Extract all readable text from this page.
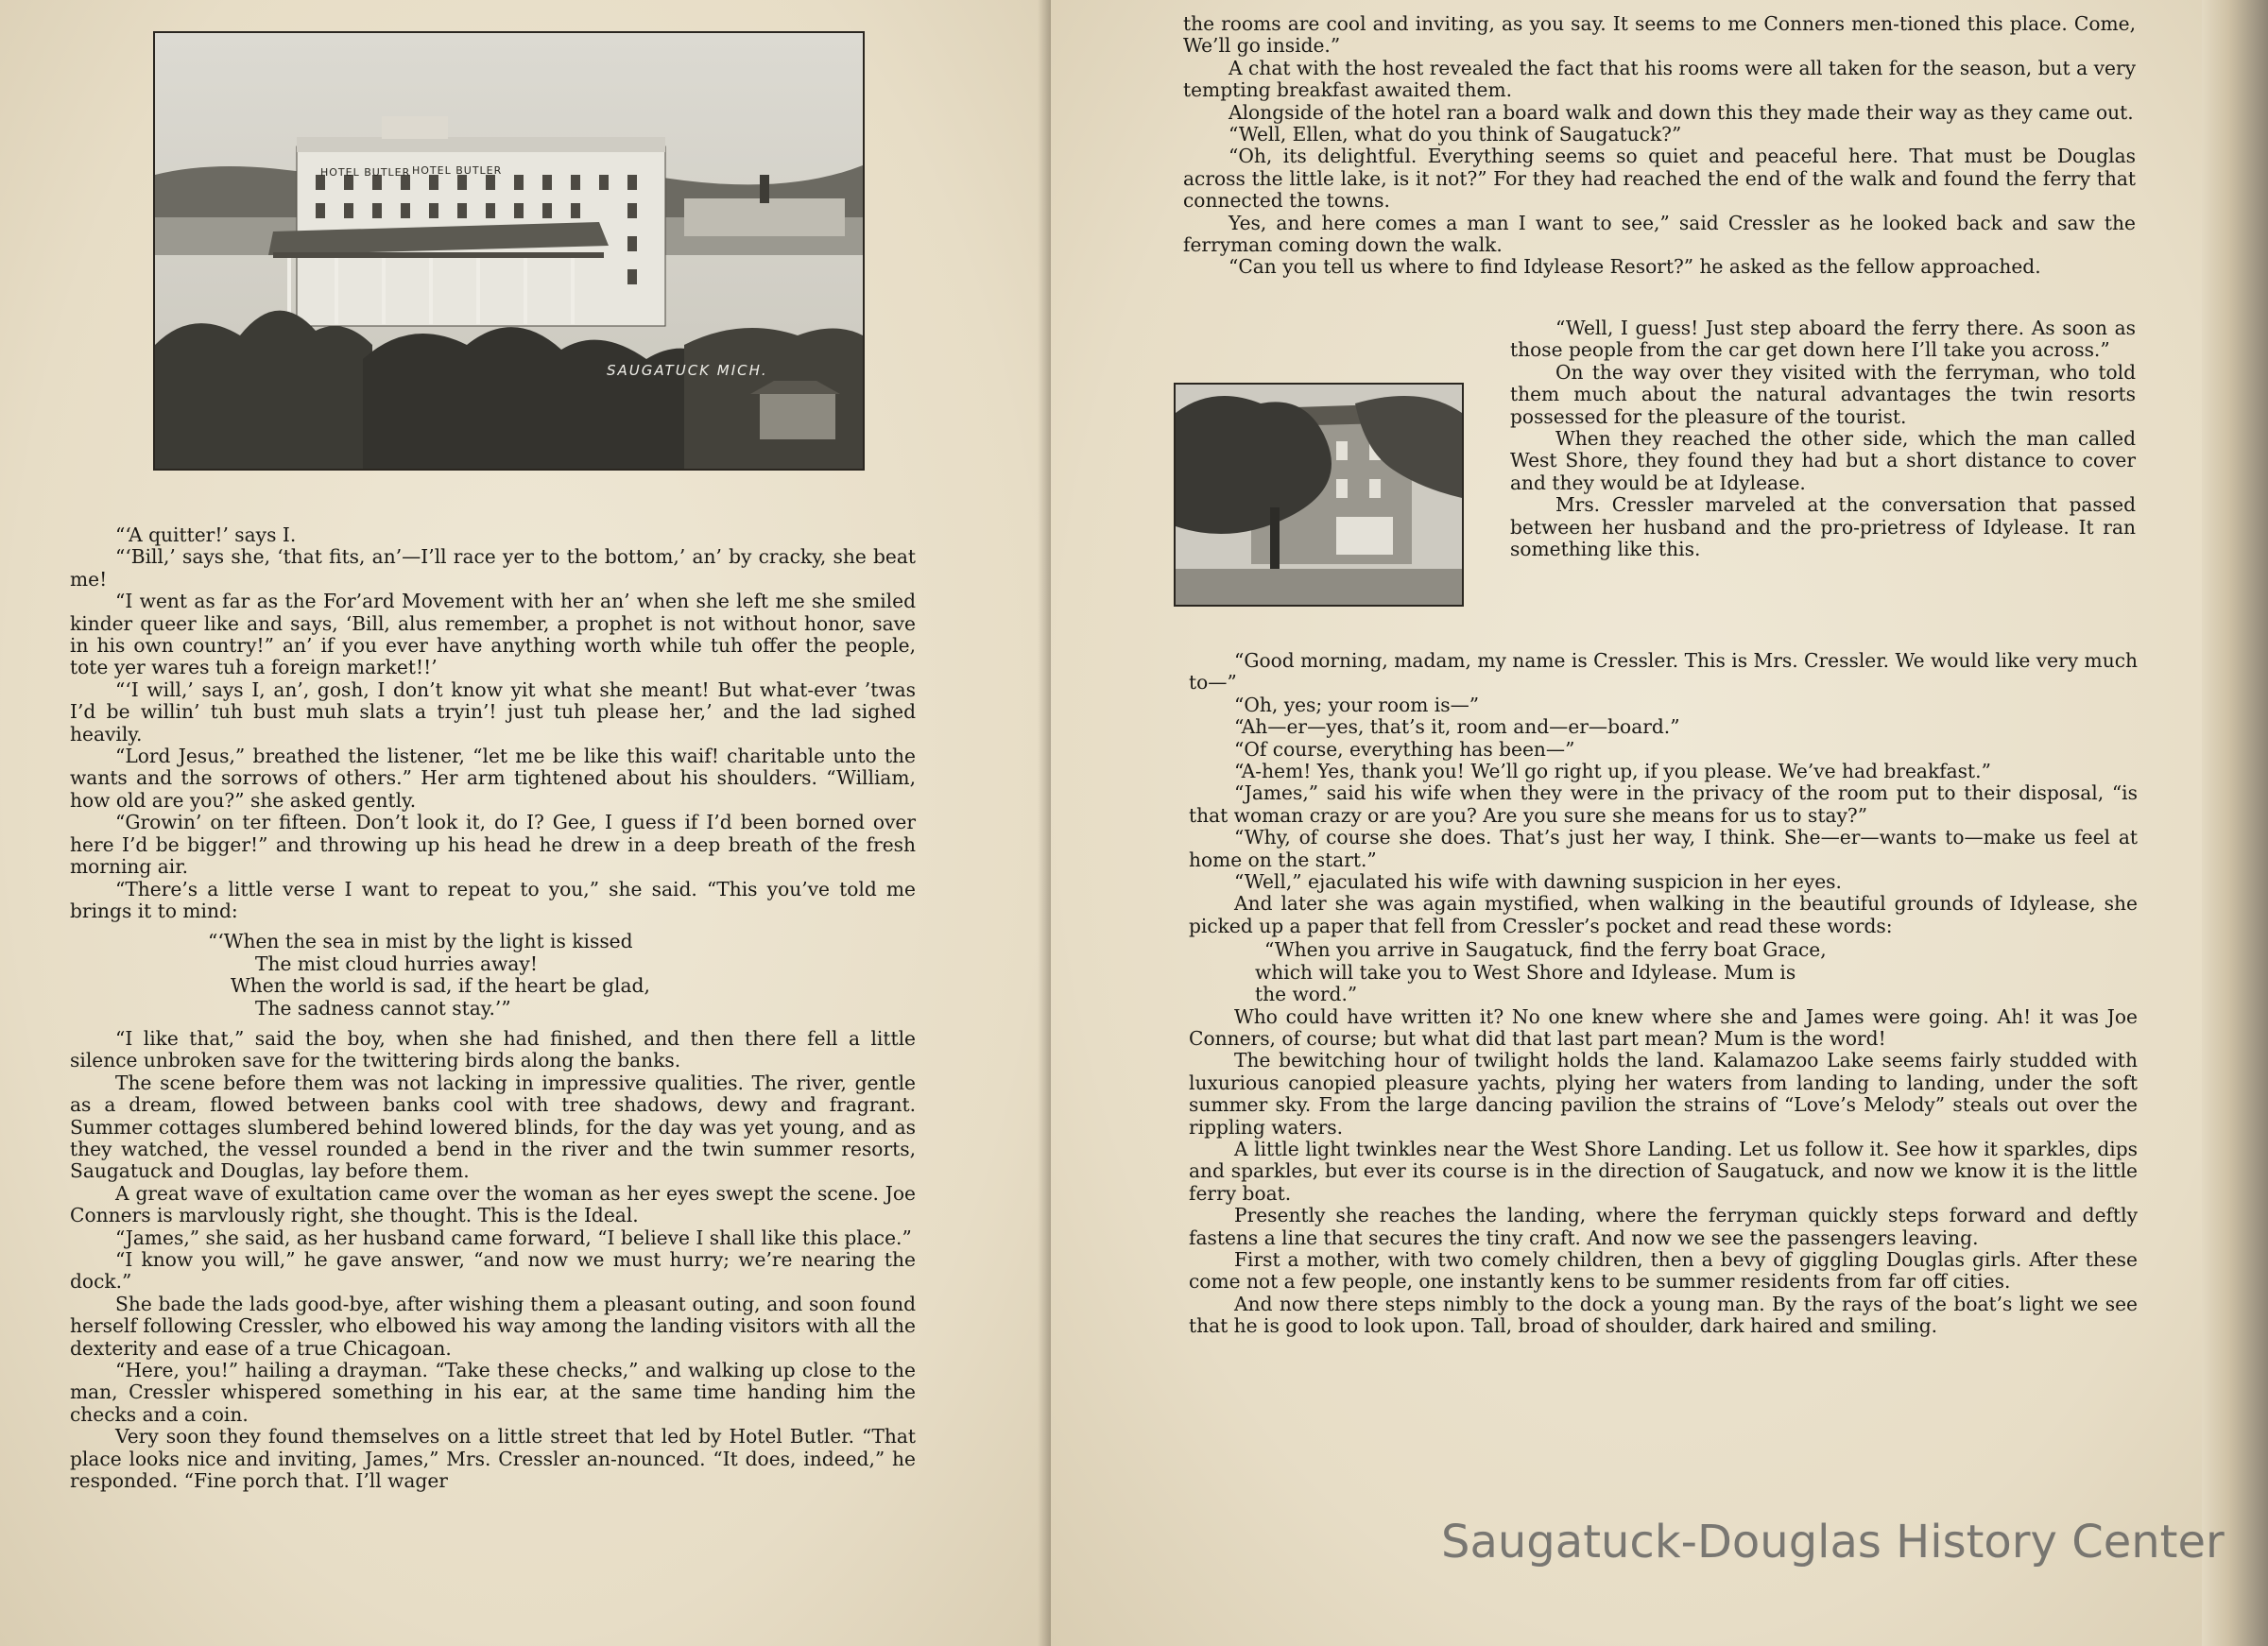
HOTEL BUTLER HOTEL BUTLER
SAUGATUCK MICH.

“‘A quitter!’ says I.

“‘Bill,’ says she, ‘that fits, an’—I’ll race yer to the bottom,’ an’ by cracky, she beat me!

“I went as far as the For’ard Movement with her an’ when she left me she smiled kinder queer like and says, ‘Bill, alus remember, a prophet is not without honor, save in his own country!” an’ if you ever have anything worth while tuh offer the people, tote yer wares tuh a foreign market!!’

“‘I will,’ says I, an’, gosh, I don’t know yit what she meant! But what-ever ’twas I’d be willin’ tuh bust muh slats a tryin’! just tuh please her,’ and the lad sighed heavily.

“Lord Jesus,” breathed the listener, “let me be like this waif! charitable unto the wants and the sorrows of others.” Her arm tightened about his shoulders. “William, how old are you?” she asked gently.

“Growin’ on ter fifteen. Don’t look it, do I? Gee, I guess if I’d been borned over here I’d be bigger!” and throwing up his head he drew in a deep breath of the fresh morning air.

“There’s a little verse I want to repeat to you,” she said. “This you’ve told me brings it to mind:

“‘When the sea in mist by the light is kissed
The mist cloud hurries away!
When the world is sad, if the heart be glad,
The sadness cannot stay.’”

“I like that,” said the boy, when she had finished, and then there fell a little silence unbroken save for the twittering birds along the banks.

The scene before them was not lacking in impressive qualities. The river, gentle as a dream, flowed between banks cool with tree shadows, dewy and fragrant. Summer cottages slumbered behind lowered blinds, for the day was yet young, and as they watched, the vessel rounded a bend in the river and the twin summer resorts, Saugatuck and Douglas, lay before them.

A great wave of exultation came over the woman as her eyes swept the scene. Joe Conners is marvlously right, she thought. This is the Ideal.

“James,” she said, as her husband came forward, “I believe I shall like this place.”

“I know you will,” he gave answer, “and now we must hurry; we’re nearing the dock.”

She bade the lads good-bye, after wishing them a pleasant outing, and soon found herself following Cressler, who elbowed his way among the landing visitors with all the dexterity and ease of a true Chicagoan.

“Here, you!” hailing a drayman. “Take these checks,” and walking up close to the man, Cressler whispered something in his ear, at the same time handing him the checks and a coin.

Very soon they found themselves on a little street that led by Hotel Butler. “That place looks nice and inviting, James,” Mrs. Cressler an-nounced. “It does, indeed,” he responded. “Fine porch that. I’ll wager

the rooms are cool and inviting, as you say. It seems to me Conners men-tioned this place. Come, We’ll go inside.”

A chat with the host revealed the fact that his rooms were all taken for the season, but a very tempting breakfast awaited them.

Alongside of the hotel ran a board walk and down this they made their way as they came out.

“Well, Ellen, what do you think of Saugatuck?”

“Oh, its delightful. Everything seems so quiet and peaceful here. That must be Douglas across the little lake, is it not?” For they had reached the end of the walk and found the ferry that connected the towns.

Yes, and here comes a man I want to see,” said Cressler as he looked back and saw the ferryman coming down the walk.

“Can you tell us where to find Idylease Resort?” he asked as the fellow approached.

“Well, I guess! Just step aboard the ferry there. As soon as those people from the car get down here I’ll take you across.”

On the way over they visited with the ferryman, who told them much about the natural advantages the twin resorts possessed for the pleasure of the tourist.

When they reached the other side, which the man called West Shore, they found they had but a short distance to cover and they would be at Idylease.

Mrs. Cressler marveled at the conversation that passed between her husband and the pro-prietress of Idylease. It ran something like this.

“Good morning, madam, my name is Cressler. This is Mrs. Cressler. We would like very much to—”

“Oh, yes; your room is—”

“Ah—er—yes, that’s it, room and—er—board.”

“Of course, everything has been—”

“A-hem! Yes, thank you! We’ll go right up, if you please. We’ve had breakfast.”

“James,” said his wife when they were in the privacy of the room put to their disposal, “is that woman crazy or are you? Are you sure she means for us to stay?”

“Why, of course she does. That’s just her way, I think. She—er—wants to—make us feel at home on the start.”

“Well,” ejaculated his wife with dawning suspicion in her eyes.

And later she was again mystified, when walking in the beautiful grounds of Idylease, she picked up a paper that fell from Cressler’s pocket and read these words:

“When you arrive in Saugatuck, find the ferry boat Grace,
which will take you to West Shore and Idylease. Mum is
the word.”

Who could have written it? No one knew where she and James were going. Ah! it was Joe Conners, of course; but what did that last part mean? Mum is the word!

The bewitching hour of twilight holds the land. Kalamazoo Lake seems fairly studded with luxurious canopied pleasure yachts, plying her waters from landing to landing, under the soft summer sky. From the large dancing pavilion the strains of “Love’s Melody” steals out over the rippling waters.

A little light twinkles near the West Shore Landing. Let us follow it. See how it sparkles, dips and sparkles, but ever its course is in the direction of Saugatuck, and now we know it is the little ferry boat.

Presently she reaches the landing, where the ferryman quickly steps forward and deftly fastens a line that secures the tiny craft. And now we see the passengers leaving.

First a mother, with two comely children, then a bevy of giggling Douglas girls. After these come not a few people, one instantly kens to be summer residents from far off cities.

And now there steps nimbly to the dock a young man. By the rays of the boat’s light we see that he is good to look upon. Tall, broad of shoulder, dark haired and smiling.

Saugatuck-Douglas History Center
